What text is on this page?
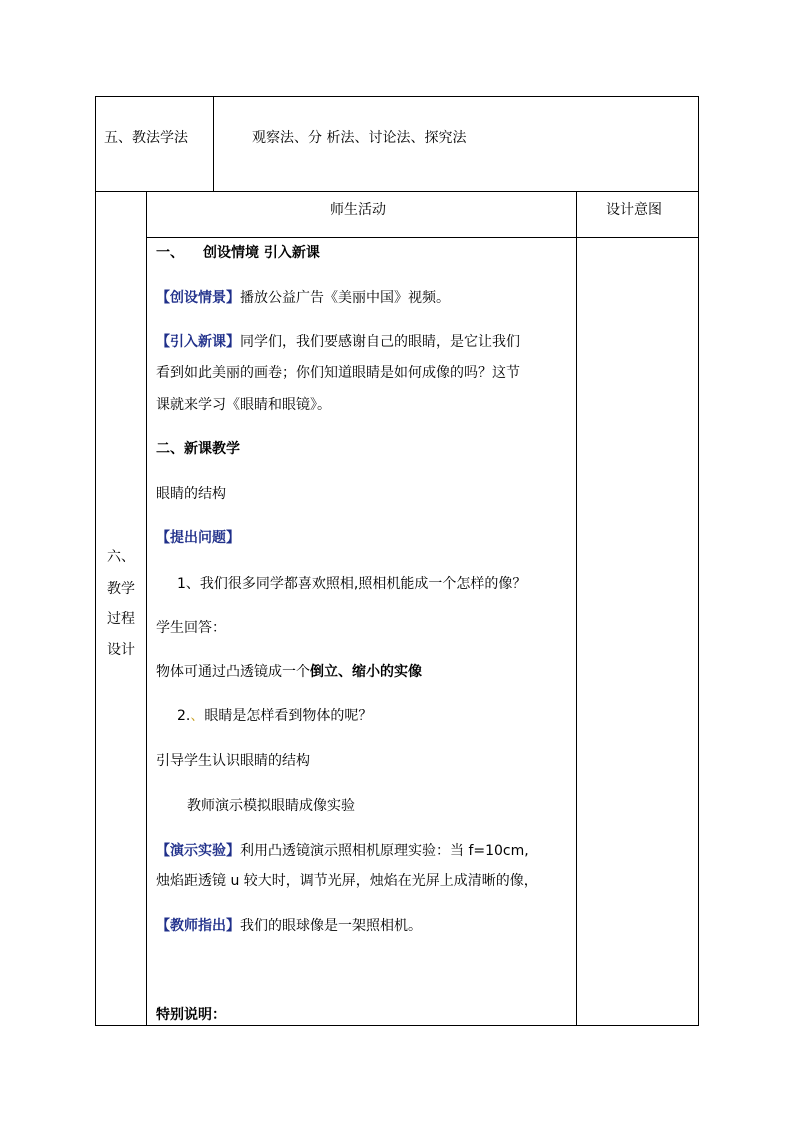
五、教法学法	观察法、分 析法、讨论法、探究法
六、
教学
过程
设计
师生活动	设计意图
一、 创设情境 引入新课
【创设情景】播放公益广告《美丽中国》视频。
【引入新课】同学们，我们要感谢自己的眼睛，是它让我们
看到如此美丽的画卷；你们知道眼睛是如何成像的吗？这节
课就来学习《眼睛和眼镜》。
二、新课教学
眼睛的结构
【提出问题】
1、我们很多同学都喜欢照相,照相机能成一个怎样的像？
学生回答：
物体可通过凸透镜成一个倒立、缩小的实像
2.、眼睛是怎样看到物体的呢？
引导学生认识眼睛的结构
教师演示模拟眼睛成像实验
【演示实验】利用凸透镜演示照相机原理实验：当 f=10cm,
烛焰距透镜 u 较大时，调节光屏，烛焰在光屏上成清晰的像，
【教师指出】我们的眼球像是一架照相机。
特别说明：
